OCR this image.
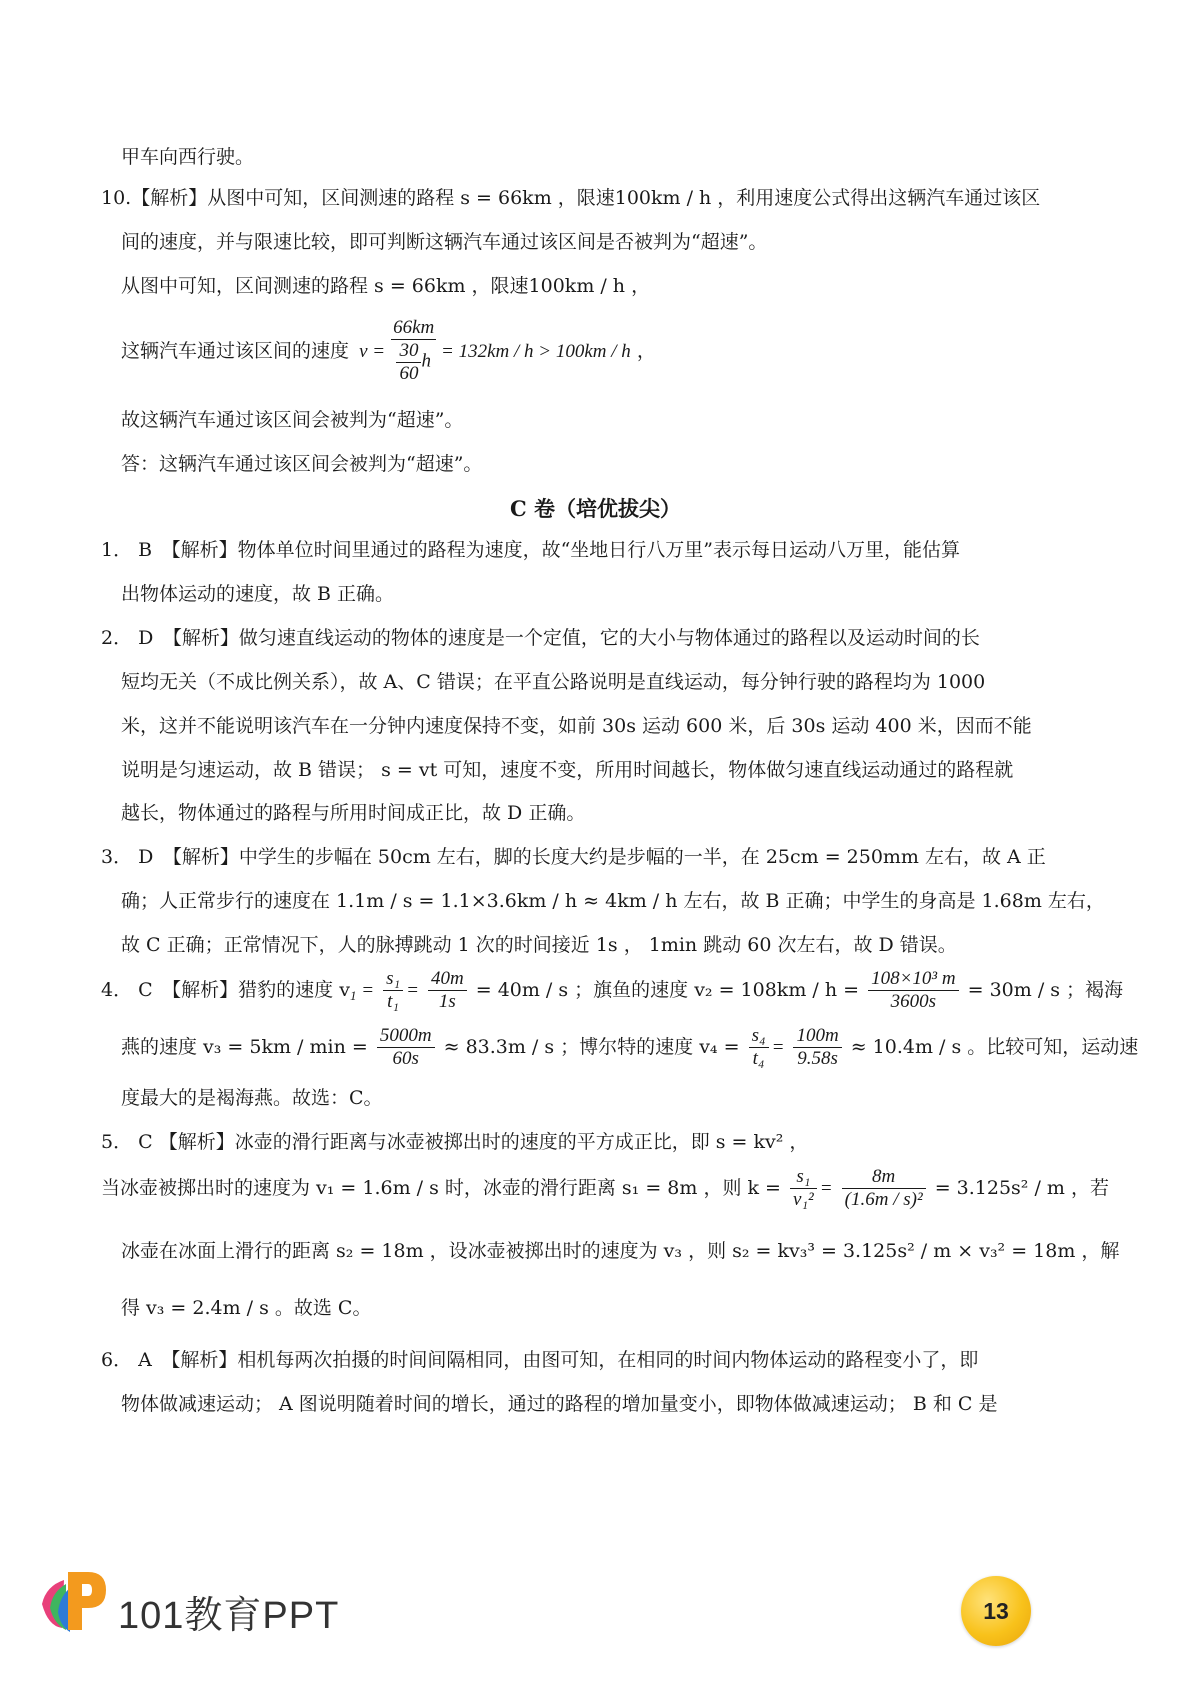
甲车向西行驶。
10.【解析】从图中可知，区间测速的路程 s = 66km ，限速100km / h ，利用速度公式得出这辆汽车通过该区
间的速度，并与限速比较，即可判断这辆汽车通过该区间是否被判为“超速”。
从图中可知，区间测速的路程 s = 66km ，限速100km / h ，
这辆汽车通过该区间的速度 $v = \frac{66km}{\frac{30}{60} h} = 132km / h > 100km / h$ ，
故这辆汽车通过该区间会被判为“超速”。
答：这辆汽车通过该区间会被判为“超速”。
C 卷（培优拔尖）
1． B　【解析】物体单位时间里通过的路程为速度，故“坐地日行八万里”表示每日运动八万里，能估算
出物体运动的速度，故 B 正确。
2． D　【解析】做匀速直线运动的物体的速度是一个定值，它的大小与物体通过的路程以及运动时间的长
短均无关（不成比例关系），故 A、C 错误；在平直公路说明是直线运动，每分钟行驶的路程均为 1000
米，这并不能说明该汽车在一分钟内速度保持不变，如前 30s 运动 600 米，后 30s 运动 400 米，因而不能
说明是匀速运动，故 B 错误； s = vt 可知，速度不变，所用时间越长，物体做匀速直线运动通过的路程就
越长，物体通过的路程与所用时间成正比，故 D 正确。
3． D　【解析】中学生的步幅在 50cm 左右，脚的长度大约是步幅的一半，在 25cm = 250mm 左右，故 A 正
确；人正常步行的速度在 1.1m / s = 1.1×3.6km / h ≈ 4km / h 左右，故 B 正确；中学生的身高是 1.68m 左右，
故 C 正确；正常情况下，人的脉搏跳动 1 次的时间接近 1s ， 1min 跳动 60 次左右，故 D 错误。
4． C　【解析】猎豹的速度 $v_1 = \frac{\text{s₁}}{\text{t₁}} = \frac{40m}{1s} = 40m / s$ ；旗鱼的速度 $v_2 = 108km / h = \frac{\text{108×10³ m}}{3600s} = 30m / s$ ；褐海
燕的速度 $v_3 = 5km / \min = \frac{5000m}{60s} \approx 83.3m / s$ ；博尔特的速度 $v_4 = \frac{\text{s₄}}{\text{t₄}} = \frac{100m}{9.58s} \approx 10.4m / s$ 。比较可知，运动速
度最大的是褐海燕。故选：C。
5． C 【解析】冰壶的滑行距离与冰壶被掷出时的速度的平方成正比，即 s = kv² ，
当冰壶被掷出时的速度为 v₁ = 1.6m / s 时，冰壶的滑行距离 s₁ = 8m ，则 $k = \frac{\text{s₁}}{\text{v₁²}} = \frac{8m}{\text{(1.6m / s)²}} = 3.125s^2 / m$ ，若
冰壶在冰面上滑行的距离 s₂ = 18m ，设冰壶被掷出时的速度为 v₃ ，则 s₂ = kv₃³ = 3.125s² / m × v₃² = 18m ，解
得 v₃ = 2.4m / s 。故选 C。
6． A　【解析】相机每两次拍摄的时间间隔相同，由图可知，在相同的时间内物体运动的路程变小了，即
物体做减速运动； A 图说明随着时间的增长，通过的路程的增加量变小，即物体做减速运动； B 和 C 是
101教育PPT	13
